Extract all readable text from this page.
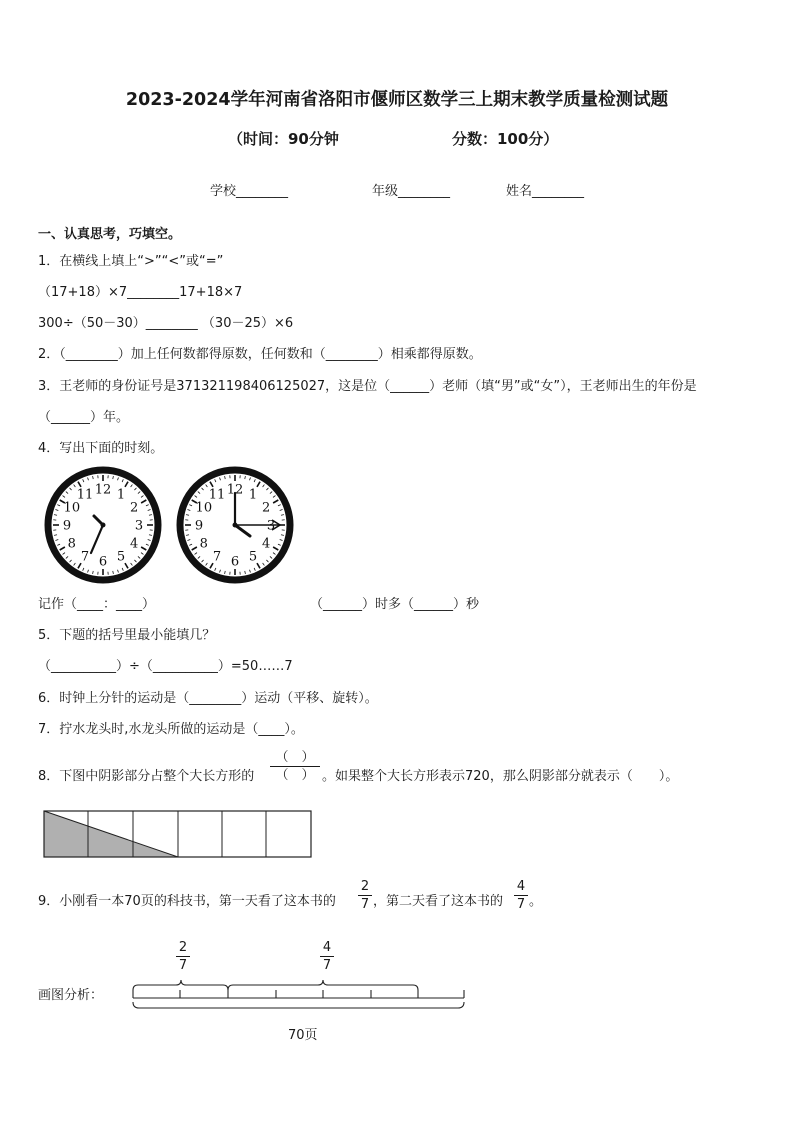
2023-2024学年河南省洛阳市偃师区数学三上期末教学质量检测试题
（时间：90分钟	分数：100分）
学校________	年级________	姓名________
一、认真思考，巧填空。
1．在横线上填上“>”“<”或“=”
（17+18）×7________17+18×7
300÷（50－30）________ （30－25）×6
2．（________）加上任何数都得原数，任何数和（________）相乘都得原数。
3．王老师的身份证号是371321198406125027，这是位（______）老师（填“男”或“女”），王老师出生的年份是
（______）年。
4．写出下面的时刻。
12 1
2
3
4
5
6
7
8
9
10
11	12 1
2
3
4
5
6
7
8
9
10
11
记作（____：____）	（______）时多（______）秒
5．下题的括号里最小能填几？
（__________）÷（__________）=50……7
6．时钟上分针的运动是（________）运动（平移、旋转）。
7．拧水龙头时,水龙头所做的运动是（____）。
8．下图中阴影部分占整个大长方形的
（　）
（　） 。如果整个大长方形表示720，那么阴影部分就表示（　　）。
9．小刚看一本70页的科技书，第一天看了这本书的
2
7 ，第二天看了这本书的
4
7 。
画图分析：
2
7
4
7
70页
